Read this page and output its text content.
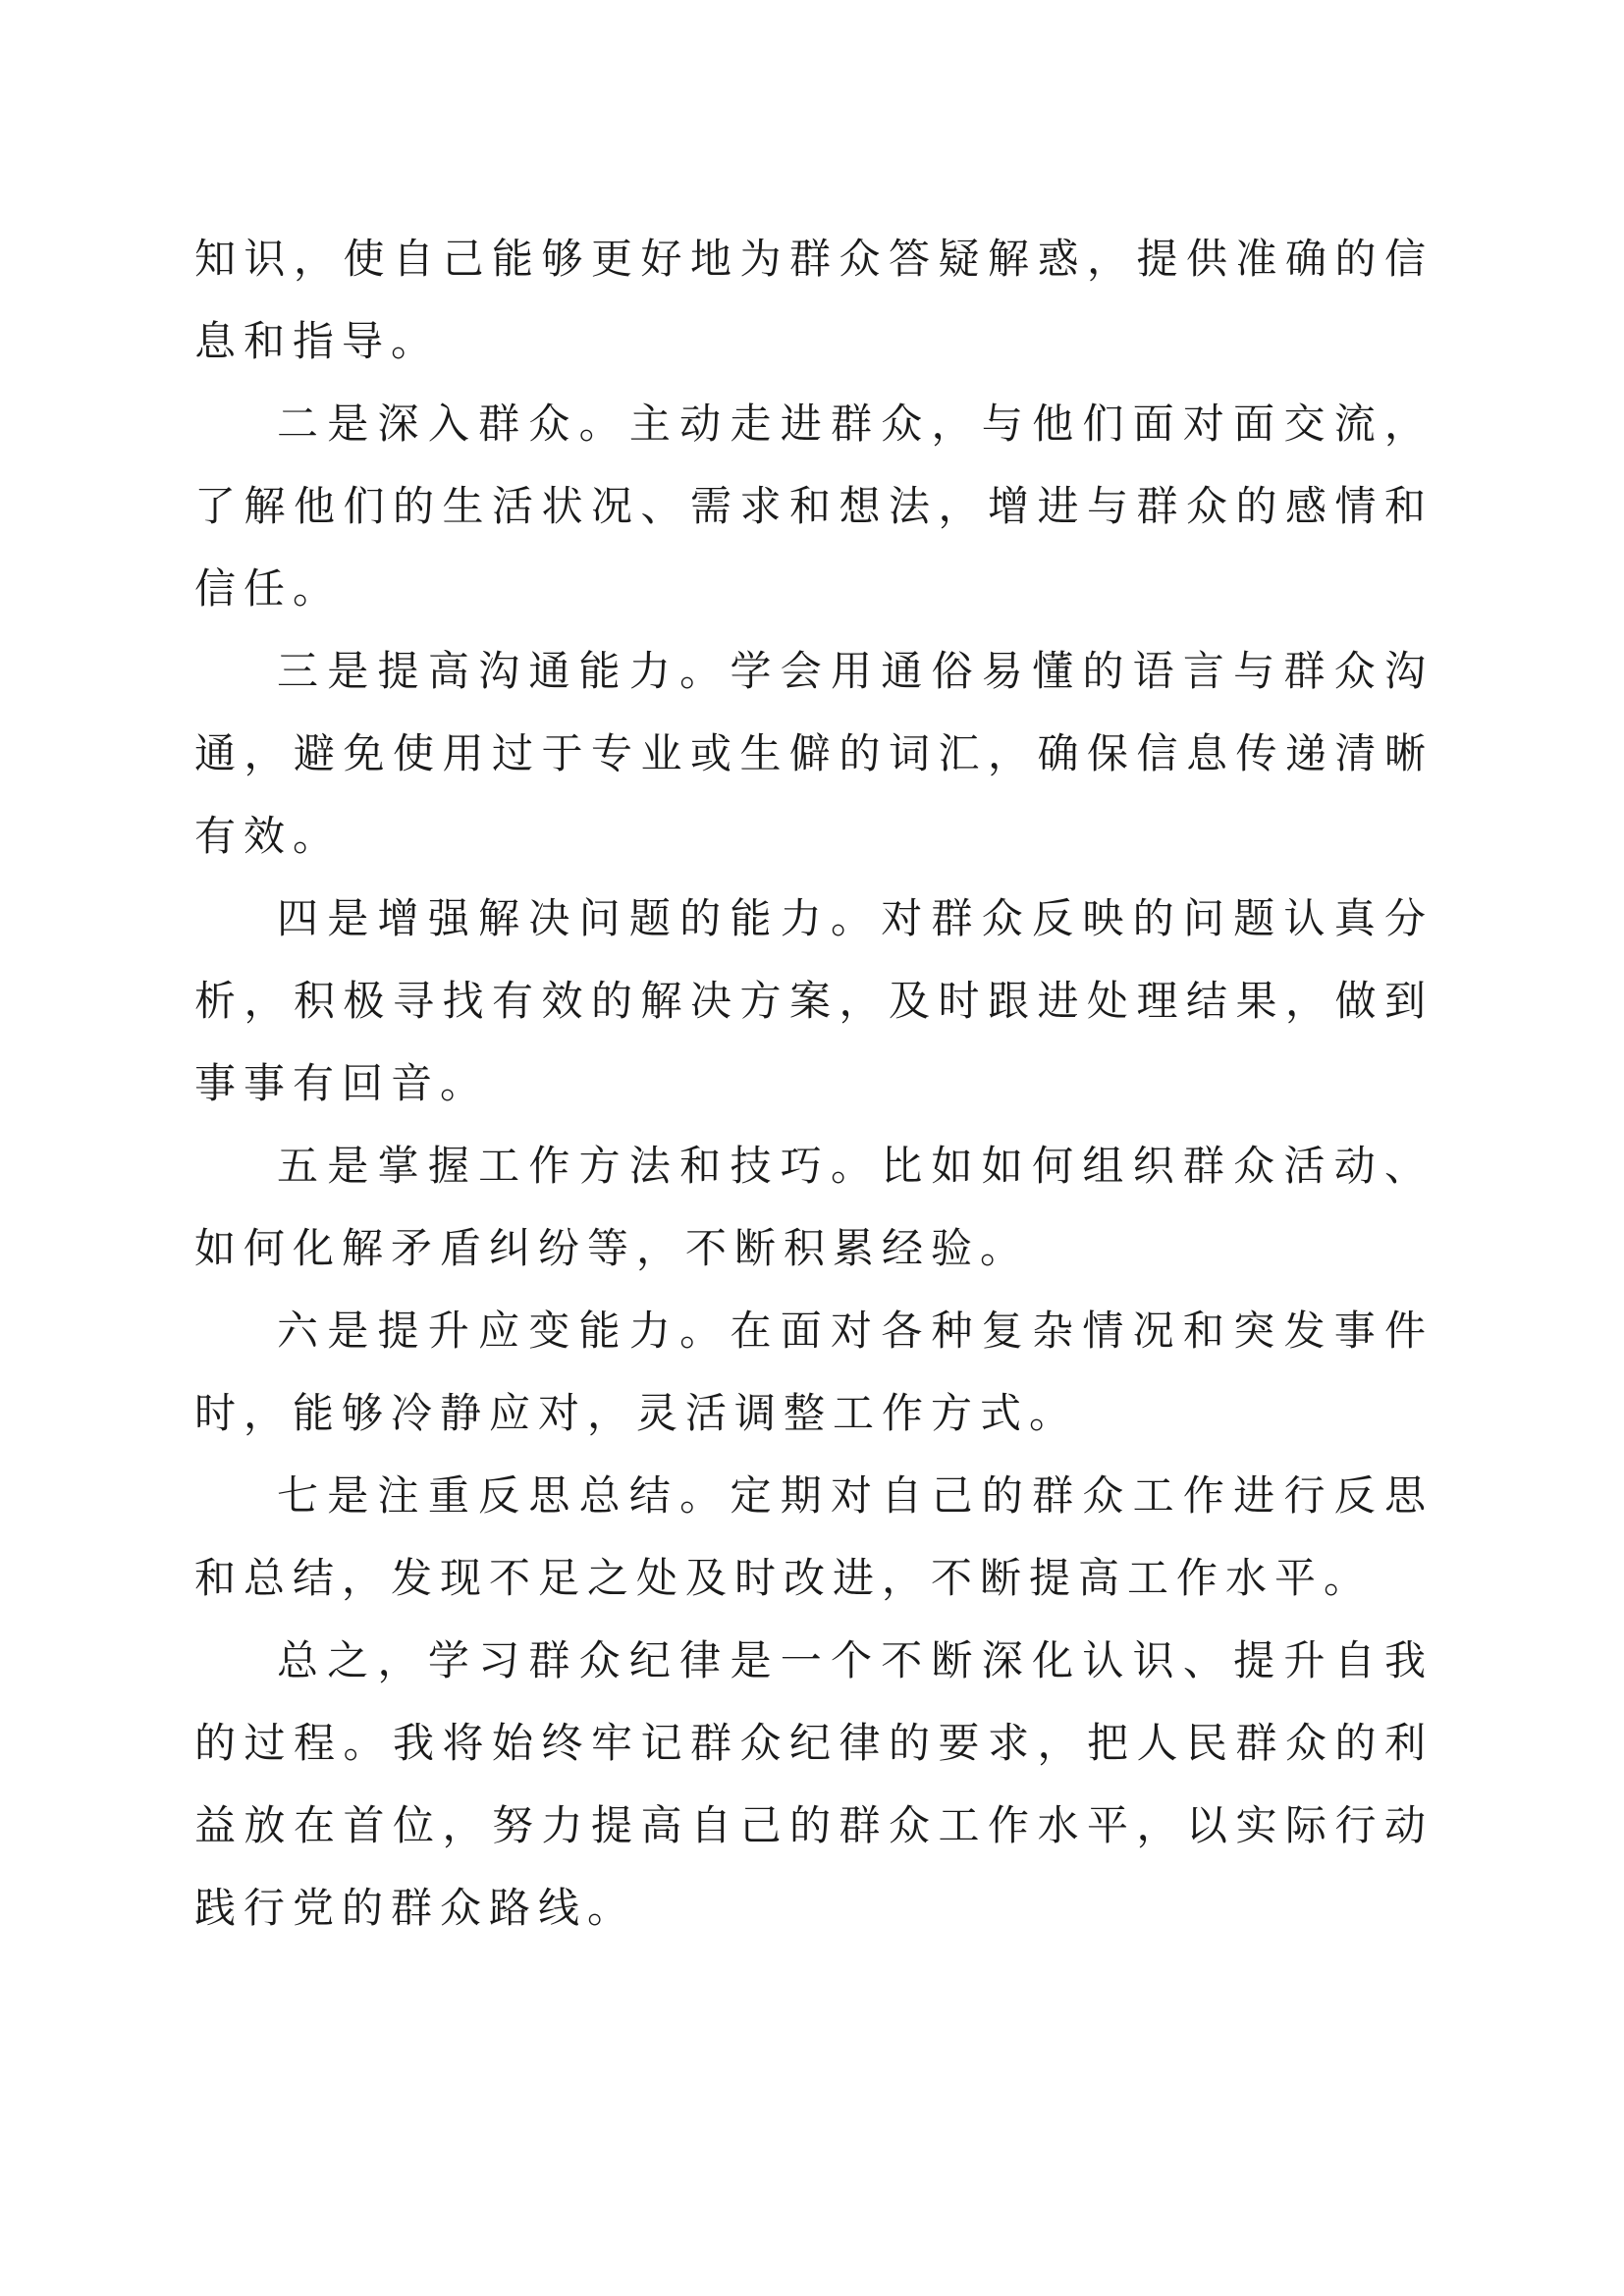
知识，使自己能够更好地为群众答疑解惑，提供准确的信息和指导。

二是深入群众。主动走进群众，与他们面对面交流，了解他们的生活状况、需求和想法，增进与群众的感情和信任。

三是提高沟通能力。学会用通俗易懂的语言与群众沟通，避免使用过于专业或生僻的词汇，确保信息传递清晰有效。

四是增强解决问题的能力。对群众反映的问题认真分析，积极寻找有效的解决方案，及时跟进处理结果，做到事事有回音。

五是掌握工作方法和技巧。比如如何组织群众活动、如何化解矛盾纠纷等，不断积累经验。

六是提升应变能力。在面对各种复杂情况和突发事件时，能够冷静应对，灵活调整工作方式。

七是注重反思总结。定期对自己的群众工作进行反思和总结，发现不足之处及时改进，不断提高工作水平。

总之，学习群众纪律是一个不断深化认识、提升自我的过程。我将始终牢记群众纪律的要求，把人民群众的利益放在首位，努力提高自己的群众工作水平，以实际行动践行党的群众路线。
